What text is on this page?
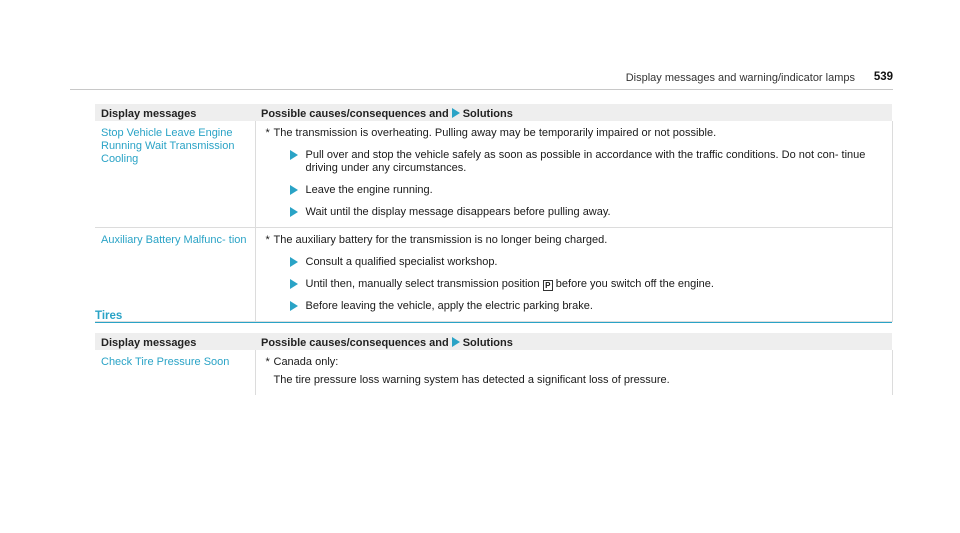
Display messages and warning/indicator lamps 539
Display messages	Possible causes/consequences and Solutions
Stop Vehicle Leave Engine Running Wait Transmission Cooling	* The transmission is overheating. Pulling away may be temporarily impaired or not possible.
Pull over and stop the vehicle safely as soon as possible in accordance with the traffic conditions. Do not con- tinue driving under any circumstances.
Leave the engine running.
Wait until the display message disappears before pulling away.

Auxiliary Battery Malfunc- tion	* The auxiliary battery for the transmission is no longer being charged.
Consult a qualified specialist workshop.
Until then, manually select transmission position P before you switch off the engine.
Before leaving the vehicle, apply the electric parking brake.
Tires
Display messages	Possible causes/consequences and Solutions
Check Tire Pressure Soon	* Canada only:
The tire pressure loss warning system has detected a significant loss of pressure.
